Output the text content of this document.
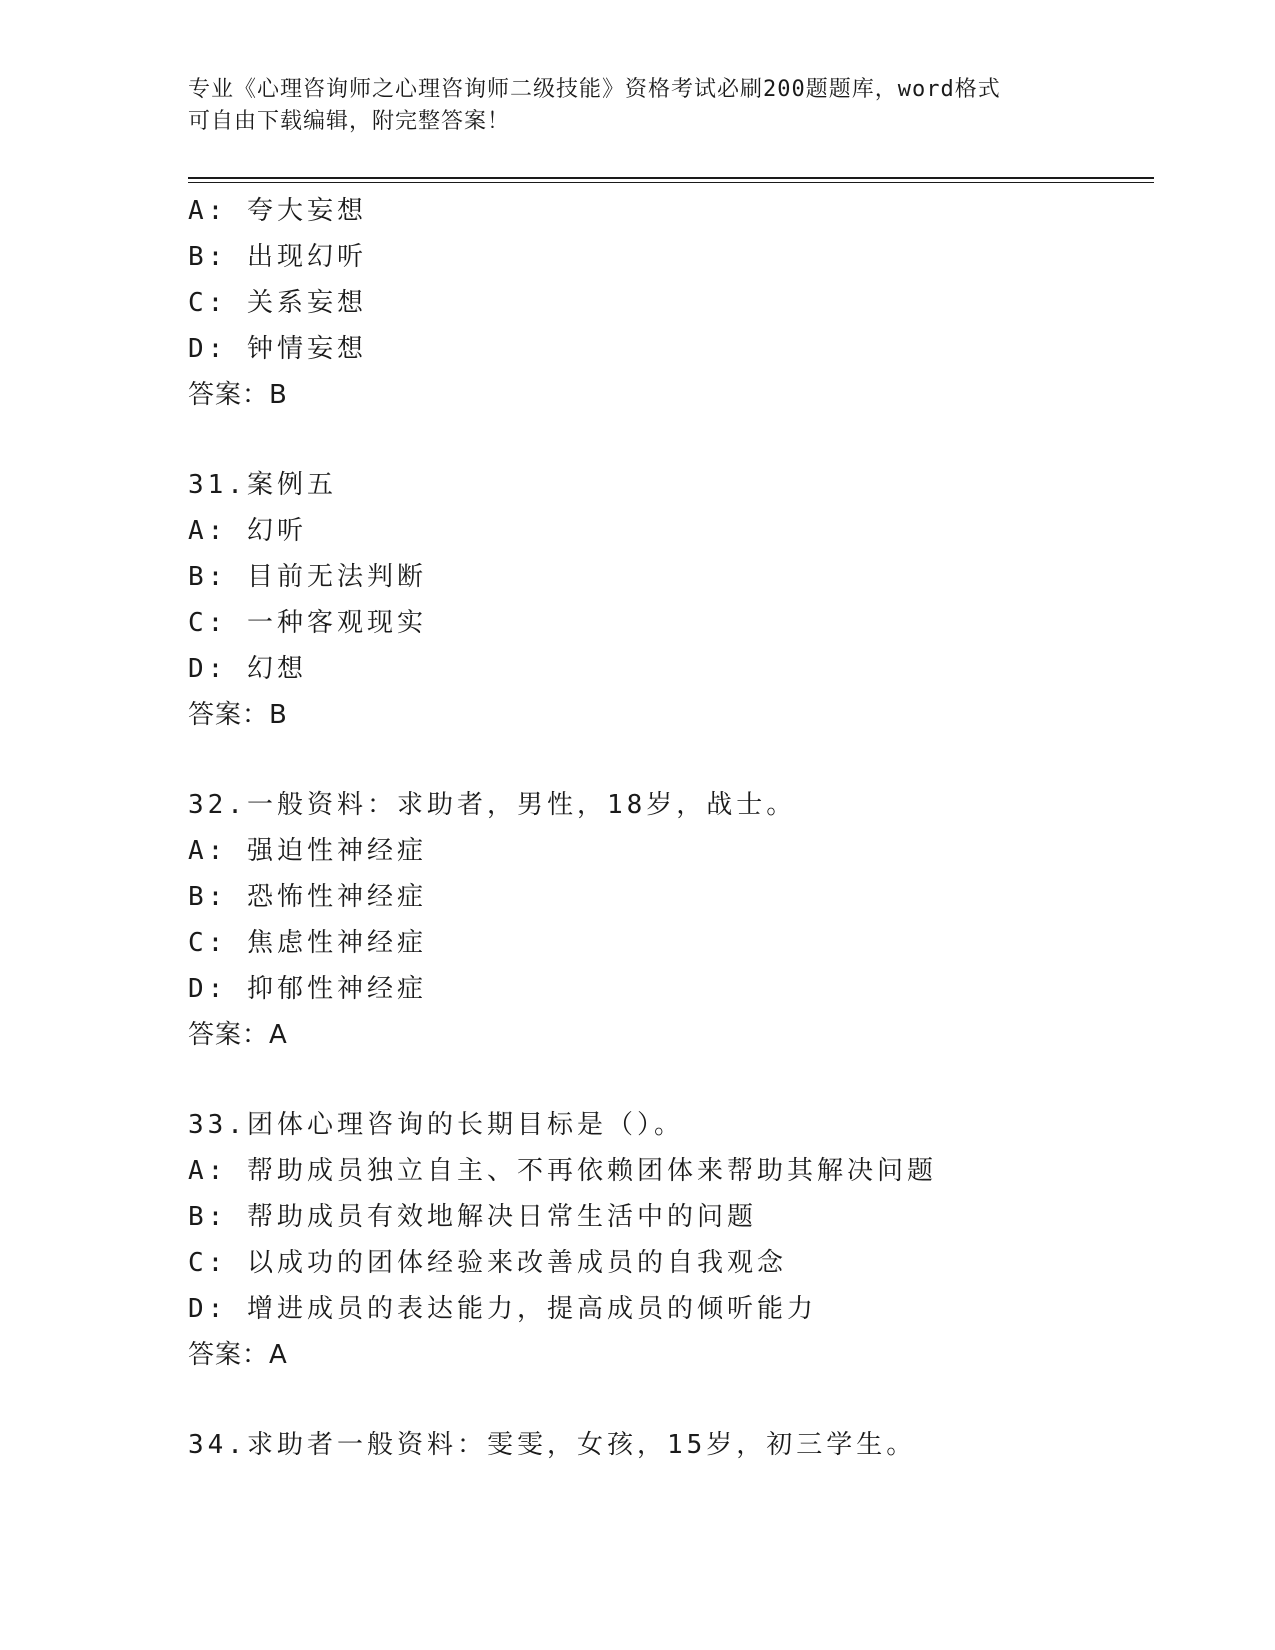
专业《心理咨询师之心理咨询师二级技能》资格考试必刷200题题库，word格式
可自由下载编辑，附完整答案！
A: 夸大妄想
B: 出现幻听
C: 关系妄想
D: 钟情妄想
答案：B
31.案例五
A: 幻听
B: 目前无法判断
C: 一种客观现实
D: 幻想
答案：B
32.一般资料：求助者，男性，18岁，战士。
A: 强迫性神经症
B: 恐怖性神经症
C: 焦虑性神经症
D: 抑郁性神经症
答案：A
33.团体心理咨询的长期目标是（）。
A: 帮助成员独立自主、不再依赖团体来帮助其解决问题
B: 帮助成员有效地解决日常生活中的问题
C: 以成功的团体经验来改善成员的自我观念
D: 增进成员的表达能力，提高成员的倾听能力
答案：A
34.求助者一般资料：雯雯，女孩，15岁，初三学生。
